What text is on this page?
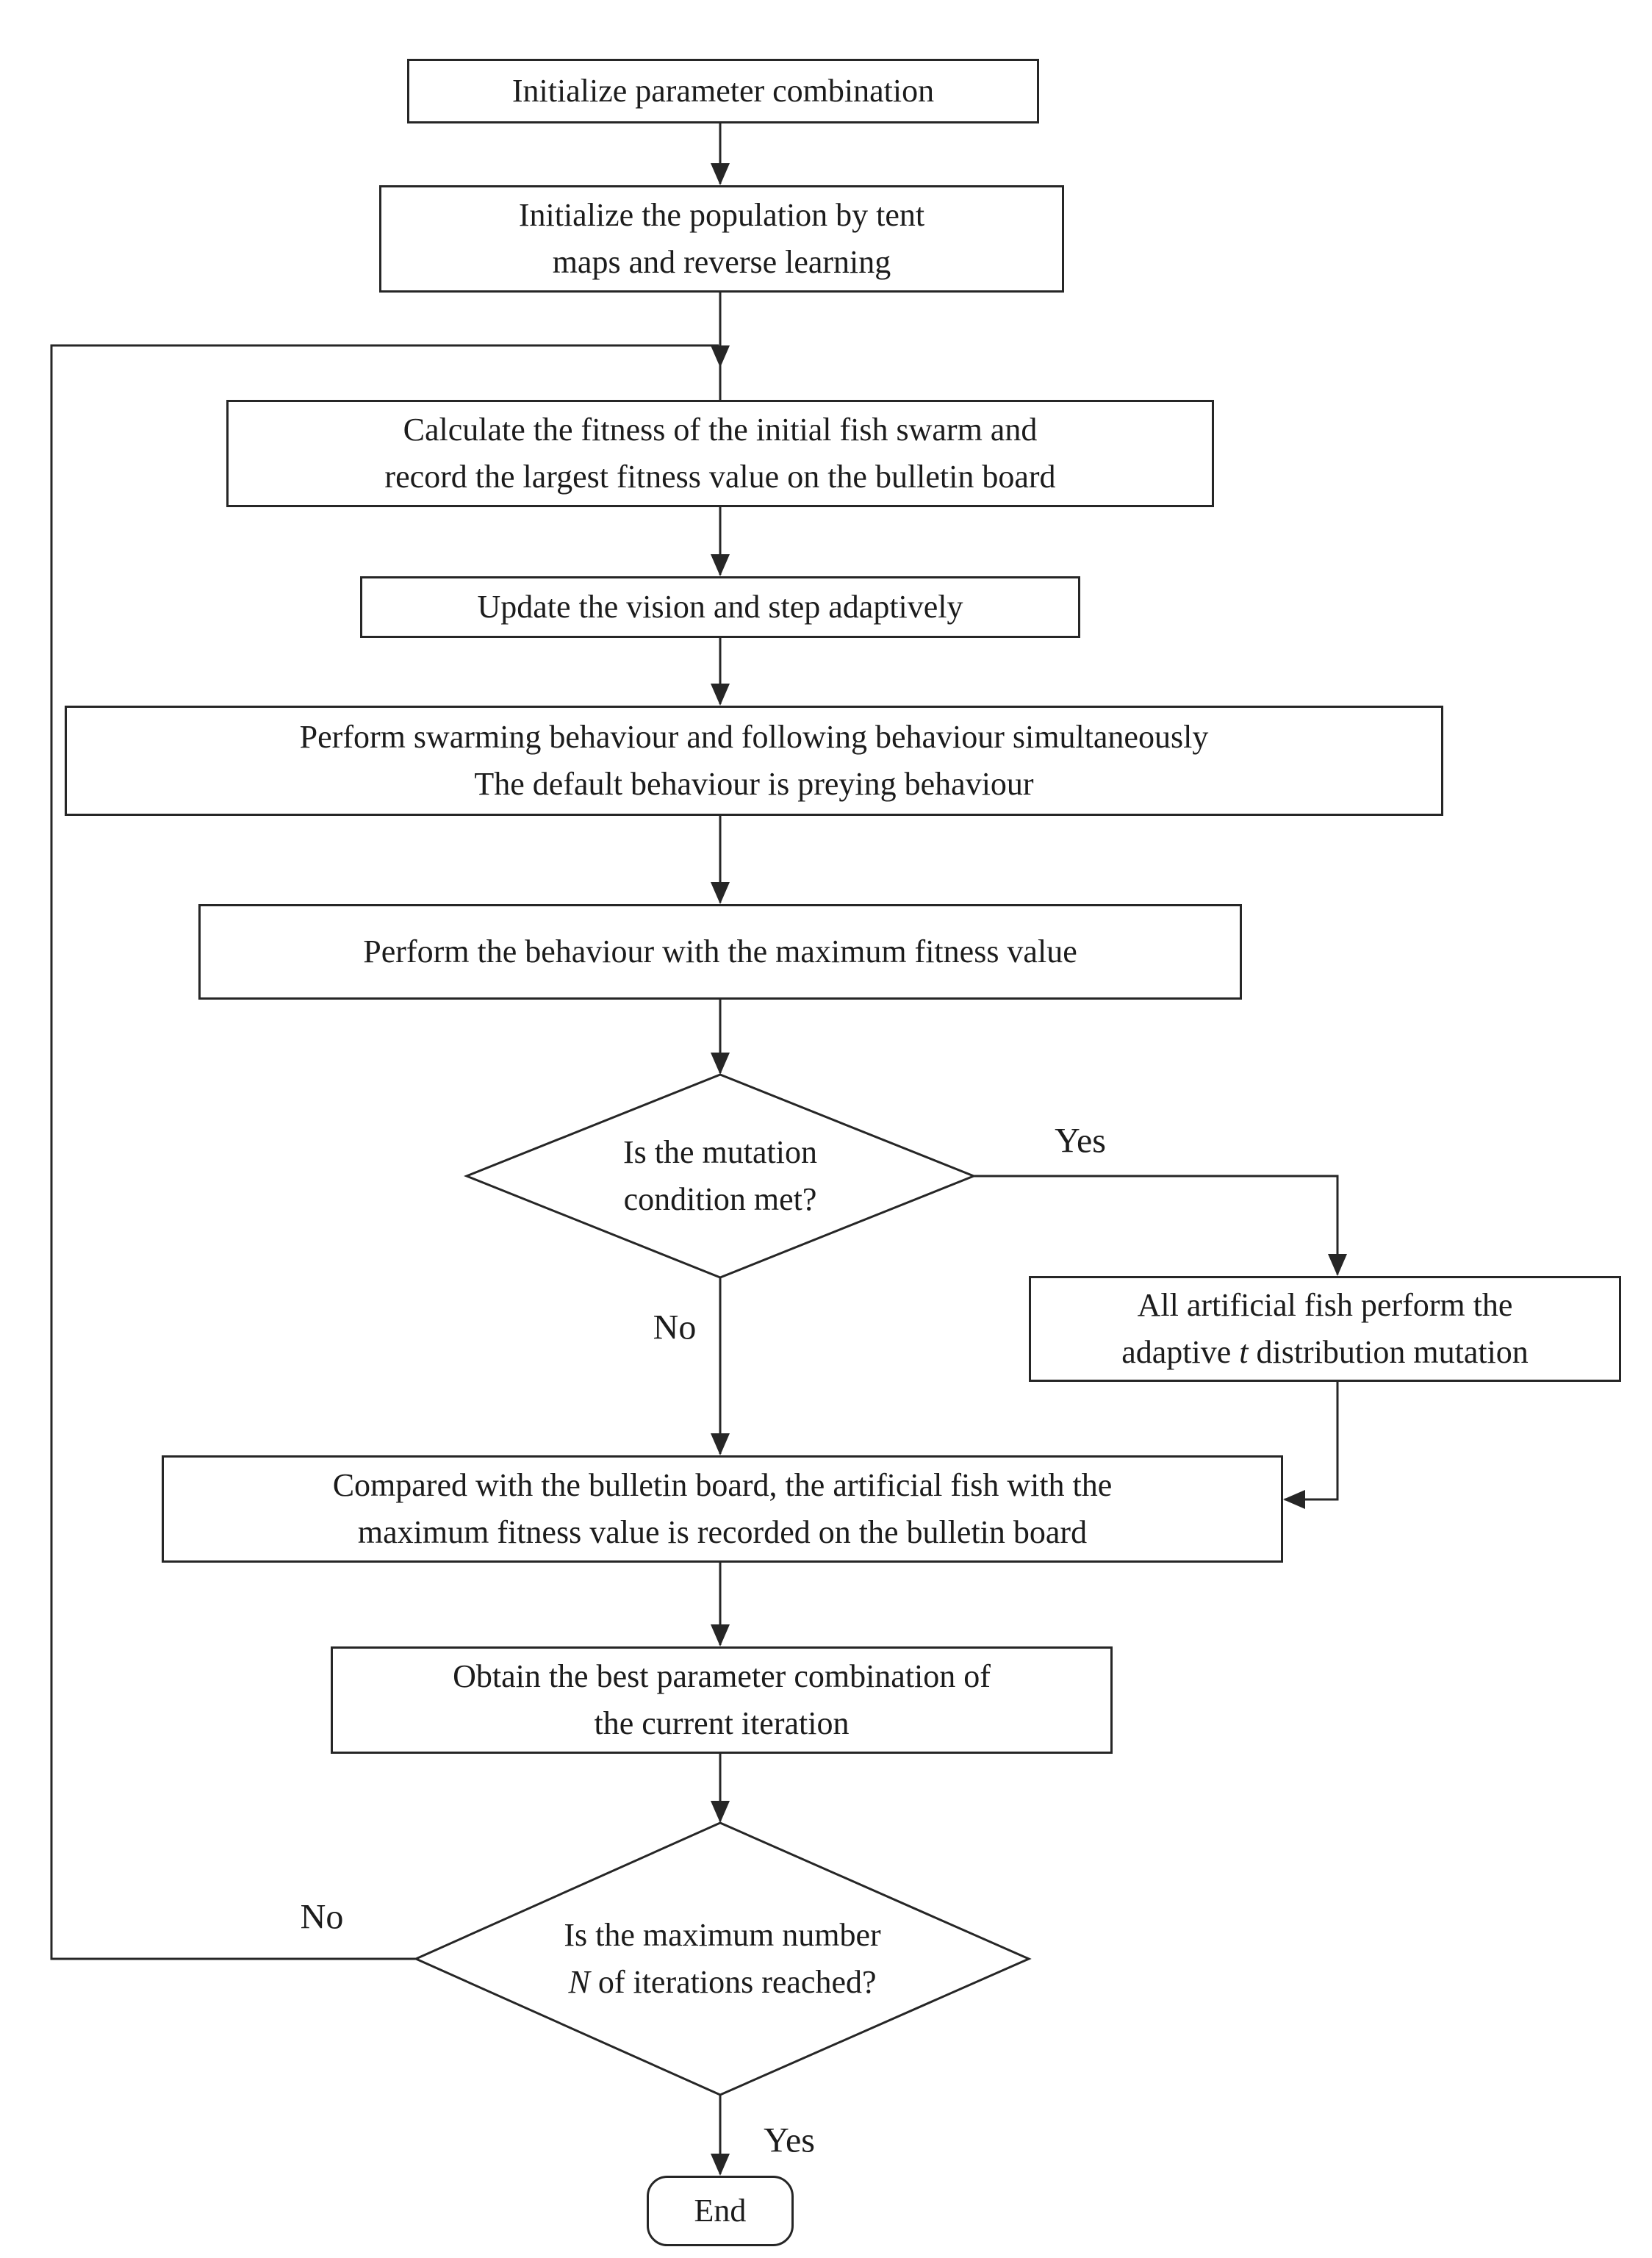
Initialize parameter combination
Initialize the population by tent
maps and reverse learning
Calculate the fitness of the initial fish swarm and
record the largest fitness value on the bulletin board
Update the vision and step adaptively
Perform swarming behaviour and following behaviour simultaneously
The default behaviour is preying behaviour
Perform the behaviour with the maximum fitness value
Is the mutation
condition met?
All artificial fish perform the
adaptive t distribution mutation
Compared with the bulletin board, the artificial fish with the
maximum fitness value is recorded on the bulletin board
Obtain the best parameter combination of
the current iteration
Is the maximum number
N of iterations reached?
End
Yes
No
No
Yes
